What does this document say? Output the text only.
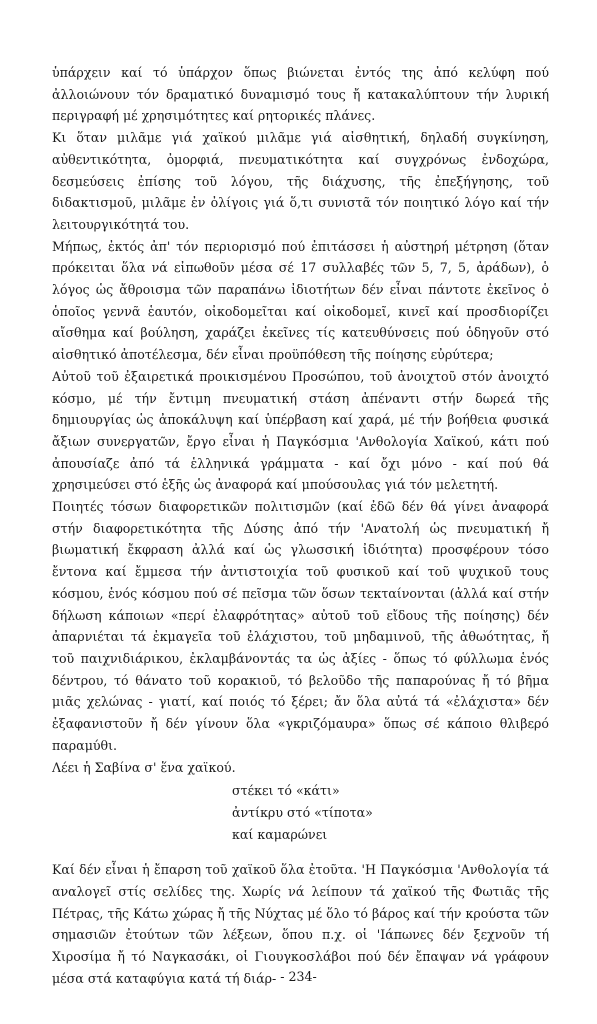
ὑπάρχειν καί τό ὑπάρχον ὅπως βιώνεται ἐντός της ἀπό κελύφη πού ἀλλοιώνουν τόν δραματικό δυναμισμό τους ἤ κατακαλύπτουν τήν λυρική περιγραφή μέ χρησιμότητες καί ρητορικές πλάνες.

Κι ὅταν μιλᾶμε γιά χαϊκού μιλᾶμε γιά αἰσθητική, δηλαδή συγκίνηση, αὐθεντικότητα, ὀμορφιά, πνευματικότητα καί συγχρόνως ἐνδοχώρα, δεσμεύσεις ἐπίσης τοῦ λόγου, τῆς διάχυσης, τῆς ἐπεξήγησης, τοῦ διδακτισμοῦ, μιλᾶμε ἐν ὀλίγοις γιά ὅ,τι συνιστᾶ τόν ποιητικό λόγο καί τήν λειτουργικότητά του.

Μήπως, ἐκτός ἀπ' τόν περιορισμό πού ἐπιτάσσει ἡ αὐστηρή μέτρηση (ὅταν πρόκειται ὅλα νά εἰπωθοῦν μέσα σέ 17 συλλαβές τῶν 5, 7, 5, ἀράδων), ὁ λόγος ὡς ἄθροισμα τῶν παραπάνω ἰδιοτήτων δέν εἶναι πάντοτε ἐκεῖνος ὁ ὁποῖος γεννᾶ ἑαυτόν, οἰκοδομεῖται καί οἰκοδομεῖ, κινεῖ καί προσδιορίζει αἴσθημα καί βούληση, χαράζει ἐκεῖνες τίς κατευθύνσεις πού ὁδηγοῦν στό αἰσθητικό ἀποτέλεσμα, δέν εἶναι προϋπόθεση τῆς ποίησης εὐρύτερα;

Αὐτοῦ τοῦ ἐξαιρετικά προικισμένου Προσώπου, τοῦ ἀνοιχτοῦ στόν ἀνοιχτό κόσμο, μέ τήν ἔντιμη πνευματική στάση ἀπέναντι στήν δωρεά τῆς δημιουργίας ὡς ἀποκάλυψη καί ὑπέρβαση καί χαρά, μέ τήν βοήθεια φυσικά ἄξιων συνεργατῶν, ἔργο εἶναι ἡ Παγκόσμια 'Ανθολογία Χαϊκού, κάτι πού ἀπουσίαζε ἀπό τά ἑλληνικά γράμματα - καί ὄχι μόνο - καί πού θά χρησιμεύσει στό ἑξῆς ὡς ἀναφορά καί μπούσουλας γιά τόν μελετητή.

Ποιητές τόσων διαφορετικῶν πολιτισμῶν (καί ἐδῶ δέν θά γίνει ἀναφορά στήν διαφορετικότητα τῆς Δύσης ἀπό τήν 'Ανατολή ὡς πνευματική ἤ βιωματική ἔκφραση ἀλλά καί ὡς γλωσσική ἰδιότητα) προσφέρουν τόσο ἔντονα καί ἔμμεσα τήν ἀντιστοιχία τοῦ φυσικοῦ καί τοῦ ψυχικοῦ τους κόσμου, ἑνός κόσμου πού σέ πεῖσμα τῶν ὅσων τεκταίνονται (ἀλλά καί στήν δήλωση κάποιων «περί ἐλαφρότητας» αὐτοῦ τοῦ εἴδους τῆς ποίησης) δέν ἀπαρνιέται τά ἐκμαγεῖα τοῦ ἐλάχιστου, τοῦ μηδαμινοῦ, τῆς ἀθωότητας, ἤ τοῦ παιχνιδιάρικου, ἐκλαμβάνοντάς τα ὡς ἀξίες - ὅπως τό φύλλωμα ἑνός δέντρου, τό θάνατο τοῦ κορακιοῦ, τό βελοῦδο τῆς παπαρούνας ἤ τό βῆμα μιᾶς χελώνας - γιατί, καί ποιός τό ξέρει; ἄν ὅλα αὐτά τά «ἐλάχιστα» δέν ἐξαφανιστοῦν ἤ δέν γίνουν ὅλα «γκριζόμαυρα» ὅπως σέ κάποιο θλιβερό παραμύθι.

Λέει ἡ Σαβίνα σ' ἕνα χαϊκού.

στέκει τό «κάτι»
ἀντίκρυ στό «τίποτα»
καί καμαρώνει

Καί δέν εἶναι ἡ ἔπαρση τοῦ χαϊκοῦ ὅλα ἐτοῦτα. 'Η Παγκόσμια 'Ανθολογία τά αναλογεῖ στίς σελίδες της. Χωρίς νά λείπουν τά χαϊκού τῆς Φωτιᾶς τῆς Πέτρας, τῆς Κάτω χώρας ἤ τῆς Νύχτας μέ ὅλο τό βάρος καί τήν κρούστα τῶν σημασιῶν ἐτούτων τῶν λέξεων, ὅπου π.χ. οἱ 'Ιάπωνες δέν ξεχνοῦν τή Χιροσίμα ἤ τό Ναγκασάκι, οἱ Γιουγκοσλάβοι πού δέν ἔπαψαν νά γράφουν μέσα στά καταφύγια κατά τή διάρ- - 234-
